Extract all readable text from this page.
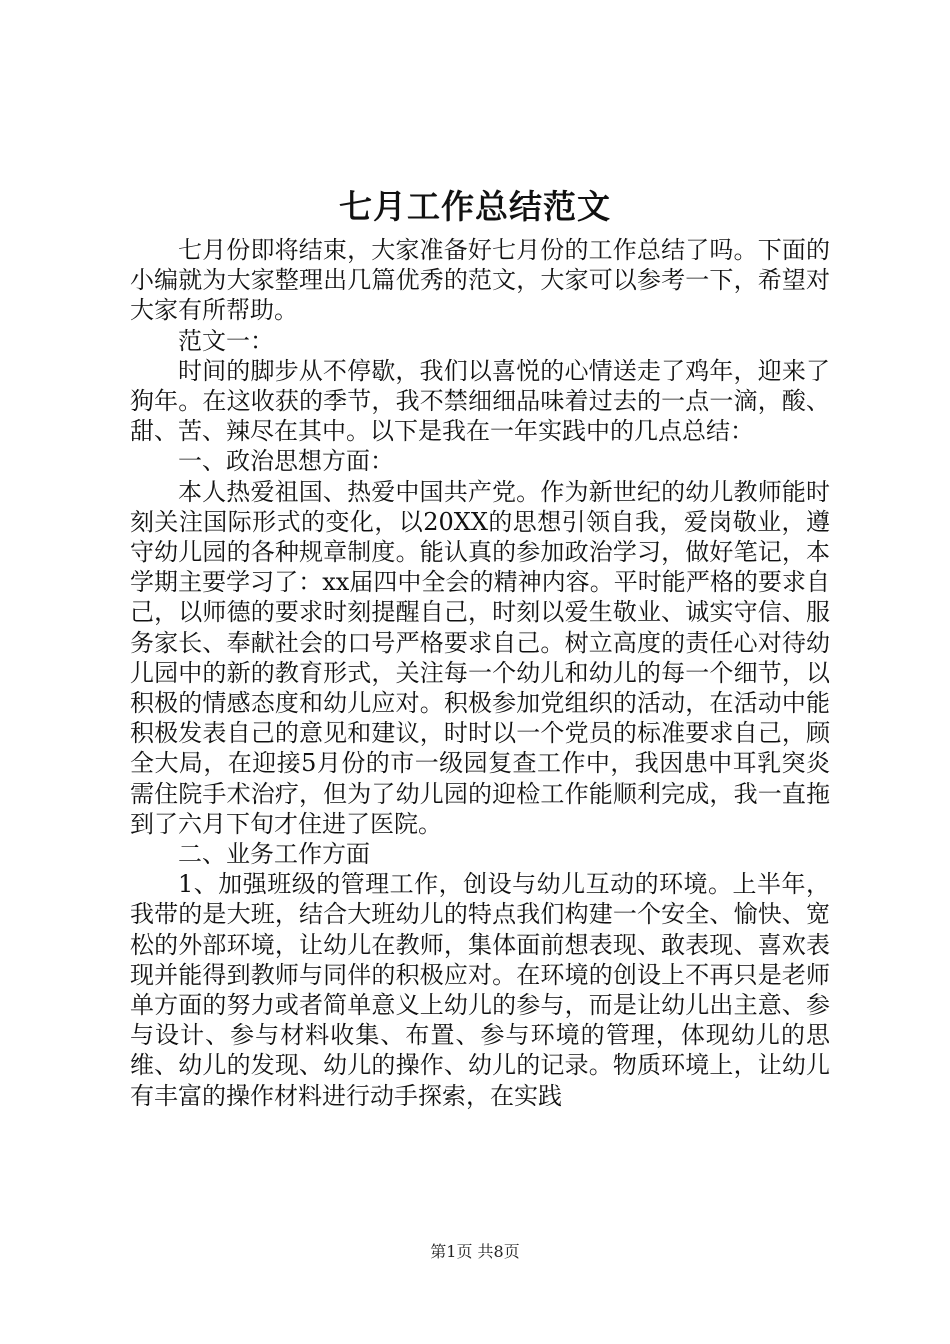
七月工作总结范文

七月份即将结束，大家准备好七月份的工作总结了吗。下面的小编就为大家整理出几篇优秀的范文，大家可以参考一下，希望对大家有所帮助。

范文一：

时间的脚步从不停歇，我们以喜悦的心情送走了鸡年，迎来了狗年。在这收获的季节，我不禁细细品味着过去的一点一滴，酸、甜、苦、辣尽在其中。以下是我在一年实践中的几点总结：

一、政治思想方面：

本人热爱祖国、热爱中国共产党。作为新世纪的幼儿教师能时刻关注国际形式的变化，以20XX的思想引领自我，爱岗敬业，遵守幼儿园的各种规章制度。能认真的参加政治学习，做好笔记，本学期主要学习了：xx届四中全会的精神内容。平时能严格的要求自己，以师德的要求时刻提醒自己，时刻以爱生敬业、诚实守信、服务家长、奉献社会的口号严格要求自己。树立高度的责任心对待幼儿园中的新的教育形式，关注每一个幼儿和幼儿的每一个细节，以积极的情感态度和幼儿应对。积极参加党组织的活动，在活动中能积极发表自己的意见和建议，时时以一个党员的标准要求自己，顾全大局，在迎接5月份的市一级园复查工作中，我因患中耳乳突炎需住院手术治疗，但为了幼儿园的迎检工作能顺利完成，我一直拖到了六月下旬才住进了医院。

二、业务工作方面

1、加强班级的管理工作，创设与幼儿互动的环境。上半年，我带的是大班，结合大班幼儿的特点我们构建一个安全、愉快、宽松的外部环境，让幼儿在教师，集体面前想表现、敢表现、喜欢表现并能得到教师与同伴的积极应对。在环境的创设上不再只是老师单方面的努力或者简单意义上幼儿的参与，而是让幼儿出主意、参与设计、参与材料收集、布置、参与环境的管理，体现幼儿的思维、幼儿的发现、幼儿的操作、幼儿的记录。物质环境上，让幼儿有丰富的操作材料进行动手探索，在实践

第1页 共8页
